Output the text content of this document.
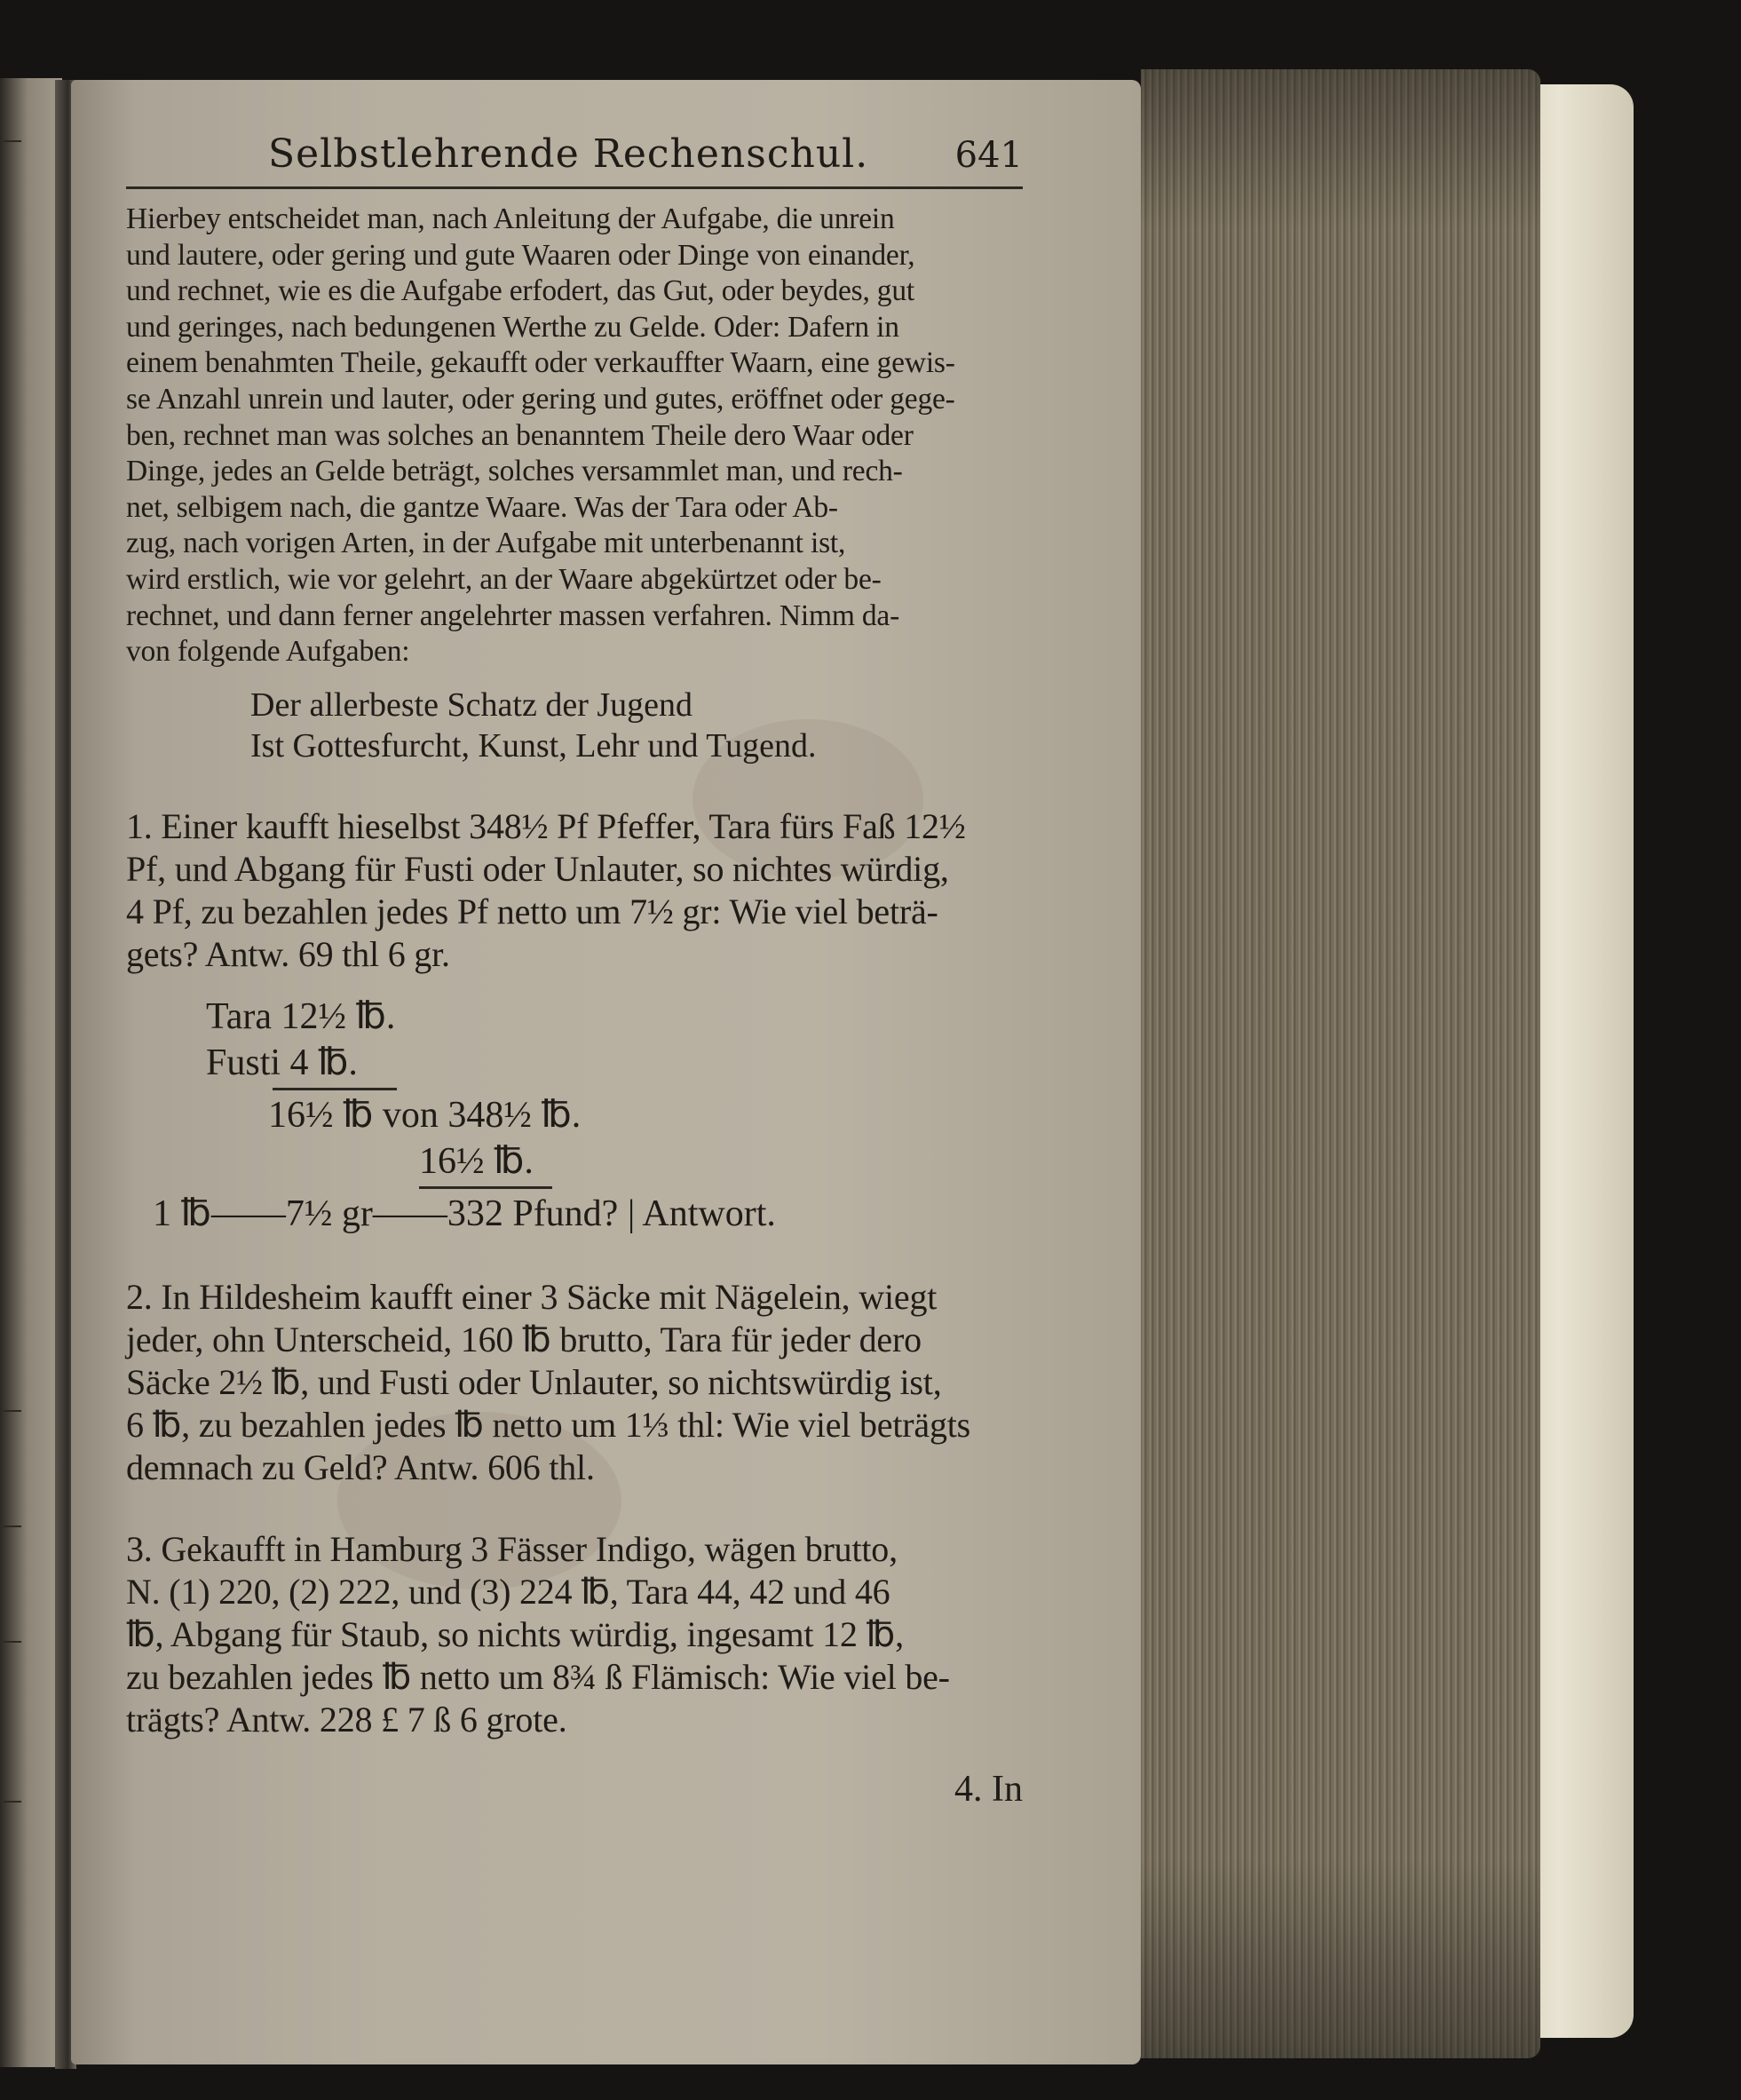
Selbstlehrende Rechenschul. 641
Hierbey entscheidet man, nach Anleitung der Aufgabe, die unrein
und lautere, oder gering und gute Waaren oder Dinge von einander,
und rechnet, wie es die Aufgabe erfodert, das Gut, oder beydes, gut
und geringes, nach bedungenen Werthe zu Gelde. Oder: Dafern in
einem benahmten Theile, gekaufft oder verkauffter Waarn, eine gewis-
se Anzahl unrein und lauter, oder gering und gutes, eröffnet oder gege-
ben, rechnet man was solches an benanntem Theile dero Waar oder
Dinge, jedes an Gelde beträgt, solches versammlet man, und rech-
net, selbigem nach, die gantze Waare. Was der Tara oder Ab-
zug, nach vorigen Arten, in der Aufgabe mit unterbenannt ist,
wird erstlich, wie vor gelehrt, an der Waare abgekürtzet oder be-
rechnet, und dann ferner angelehrter massen verfahren. Nimm da-
von folgende Aufgaben:
Der allerbeste Schatz der Jugend
Ist Gottesfurcht, Kunst, Lehr und Tugend.
1. Einer kaufft hieselbst 348½ Pf Pfeffer, Tara fürs Faß 12½
Pf, und Abgang für Fusti oder Unlauter, so nichtes würdig,
4 Pf, zu bezahlen jedes Pf netto um 7½ gr: Wie viel beträ-
gets? Antw. 69 thl 6 gr.
Tara 12½ ℔.
Fusti 4 ℔.
16½ ℔ von 348½ ℔.
16½ ℔.
1 ℔——7½ gr——332 Pfund? | Antwort.
2. In Hildesheim kaufft einer 3 Säcke mit Nägelein, wiegt
jeder, ohn Unterscheid, 160 ℔ brutto, Tara für jeder dero
Säcke 2½ ℔, und Fusti oder Unlauter, so nichtswürdig ist,
6 ℔, zu bezahlen jedes ℔ netto um 1⅓ thl: Wie viel beträgts
demnach zu Geld? Antw. 606 thl.
3. Gekaufft in Hamburg 3 Fässer Indigo, wägen brutto,
N. (1) 220, (2) 222, und (3) 224 ℔, Tara 44, 42 und 46
℔, Abgang für Staub, so nichts würdig, ingesamt 12 ℔,
zu bezahlen jedes ℔ netto um 8¾ ß Flämisch: Wie viel be-
trägts? Antw. 228 £ 7 ß 6 grote.
4. In
